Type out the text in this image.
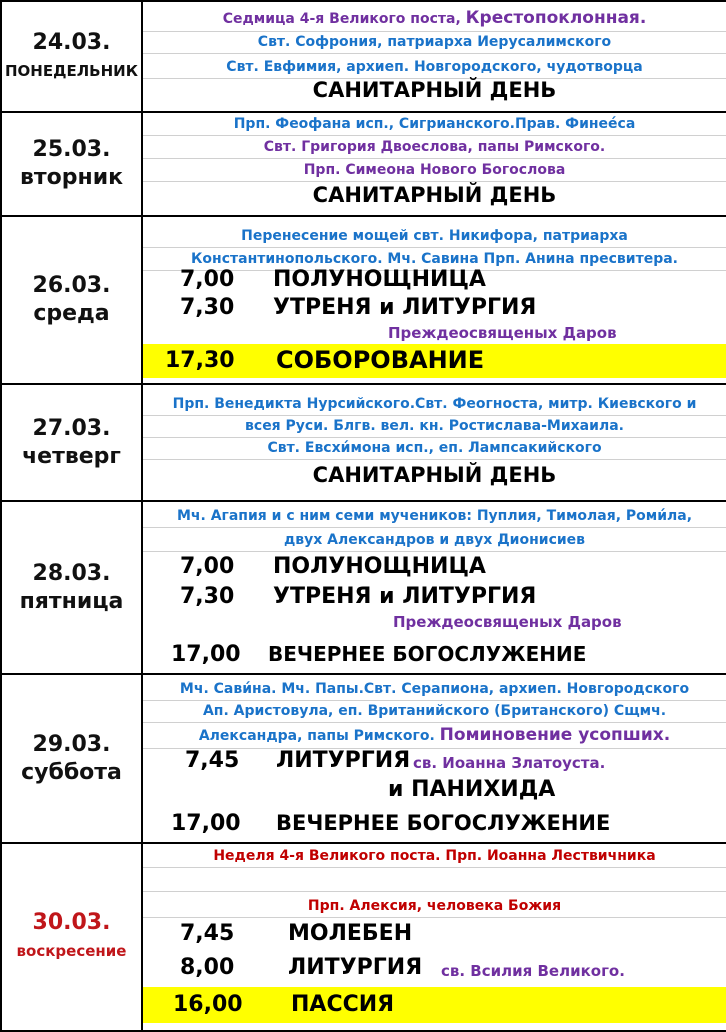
24.03.
ПОНЕДЕЛЬНИК
Седмица 4-я Великого поста, Крестопоклонная.
Свт. Софрония, патриарха Иерусалимского
Свт. Евфимия, архиеп. Новгородского, чудотворца
САНИТАРНЫЙ ДЕНЬ
25.03.
вторник
Прп. Феофана исп., Сигрианского.Прав. Финеéса
Свт. Григория Двоеслова, папы Римского.
Прп. Симеона Нового Богослова
САНИТАРНЫЙ ДЕНЬ
26.03.
среда
Перенесение мощей свт. Никифора, патриарха
Константинопольского. Мч. Савина Прп. Анина пресвитера.
7,00 ПОЛУНОЩНИЦА
7,30 УТРЕНЯ и ЛИТУРГИЯ
Преждеосвященых Даров
17,30 СОБОРОВАНИЕ
27.03.
четверг
Прп. Венедикта Нурсийского.Свт. Феогноста, митр. Киевского и
всея Руси. Блгв. вел. кн. Ростислава-Михаила.
Свт. Евсхи́мона исп., еп. Лампсакийского
САНИТАРНЫЙ ДЕНЬ
28.03.
пятница
Мч. Агапия и с ним семи мучеников: Пуплия, Тимолая, Роми́ла,
двух Александров и двух Дионисиев
7,00 ПОЛУНОЩНИЦА
7,30 УТРЕНЯ и ЛИТУРГИЯ
Преждеосвященых Даров
17,00 ВЕЧЕРНЕЕ БОГОСЛУЖЕНИЕ
29.03.
суббота
Мч. Сави́на. Мч. Папы.Свт. Серапиона, архиеп. Новгородского
Ап. Аристовула, еп. Вританийского (Британского) Сщмч.
Александра, папы Римского. Поминовение усопших.
7,45 ЛИТУРГИЯ св. Иоанна Златоуста.
и ПАНИХИДА
17,00 ВЕЧЕРНЕЕ БОГОСЛУЖЕНИЕ
30.03.
воскресение
Неделя 4-я Великого поста. Прп. Иоанна Лествичника
Прп. Алексия, человека Божия
7,45 МОЛЕБЕН
8,00 ЛИТУРГИЯ св. Всилия Великого.
16,00 ПАССИЯ
